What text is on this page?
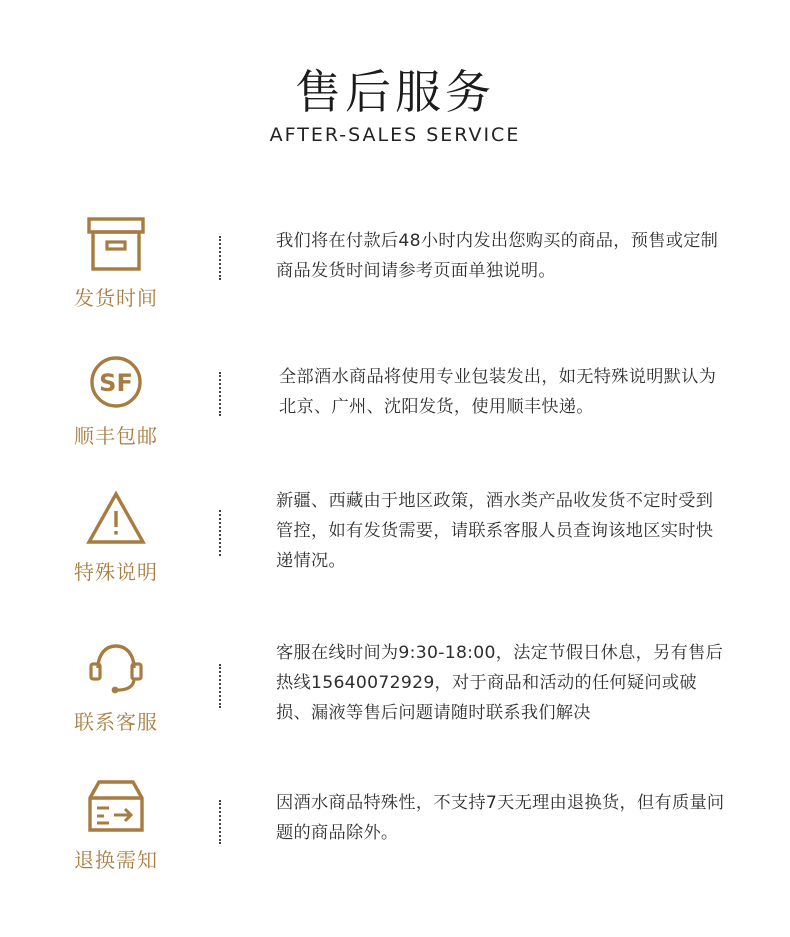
售后服务
AFTER-SALES SERVICE
发货时间
我们将在付款后48小时内发出您购买的商品，预售或定制商品发货时间请参考页面单独说明。
SF
顺丰包邮
全部酒水商品将使用专业包装发出，如无特殊说明默认为北京、广州、沈阳发货，使用顺丰快递。
特殊说明
新疆、西藏由于地区政策，酒水类产品收发货不定时受到管控，如有发货需要，请联系客服人员查询该地区实时快递情况。
联系客服
客服在线时间为9:30-18:00，法定节假日休息，另有售后热线15640072929，对于商品和活动的任何疑问或破损、漏液等售后问题请随时联系我们解决
退换需知
因酒水商品特殊性，不支持7天无理由退换货，但有质量问题的商品除外。
